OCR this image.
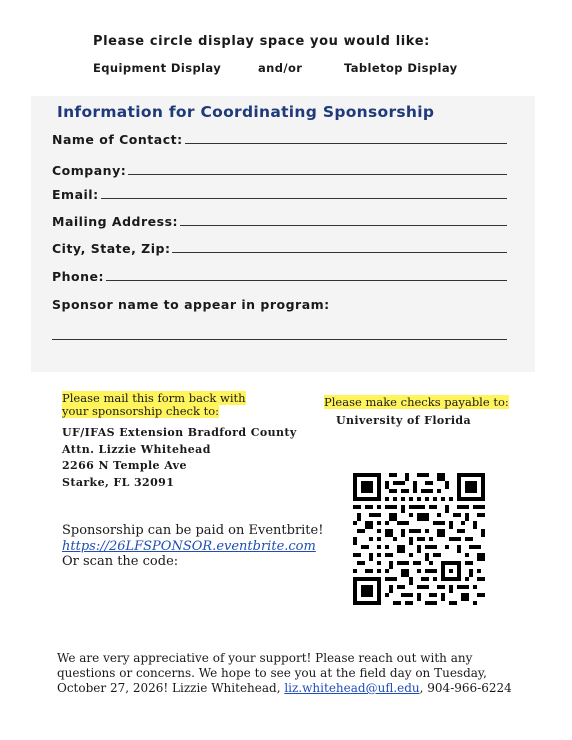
Please circle display space you would like:
Equipment Display	and/or	Tabletop Display
Information for Coordinating Sponsorship
Name of Contact:
Company:
Email:
Mailing Address:
City, State, Zip:
Phone:
Sponsor name to appear in program:
Please mail this form back with your sponsorship check to:
UF/IFAS Extension Bradford County
Attn. Lizzie Whitehead
2266 N Temple Ave
Starke, FL 32091
Please make checks payable to:
University of Florida
Sponsorship can be paid on Eventbrite!
https://26LFSPONSOR.eventbrite.com
Or scan the code:
We are very appreciative of your support! Please reach out with any questions or concerns. We hope to see you at the field day on Tuesday, October 27, 2026! Lizzie Whitehead, liz.whitehead@ufl.edu, 904-966-6224
